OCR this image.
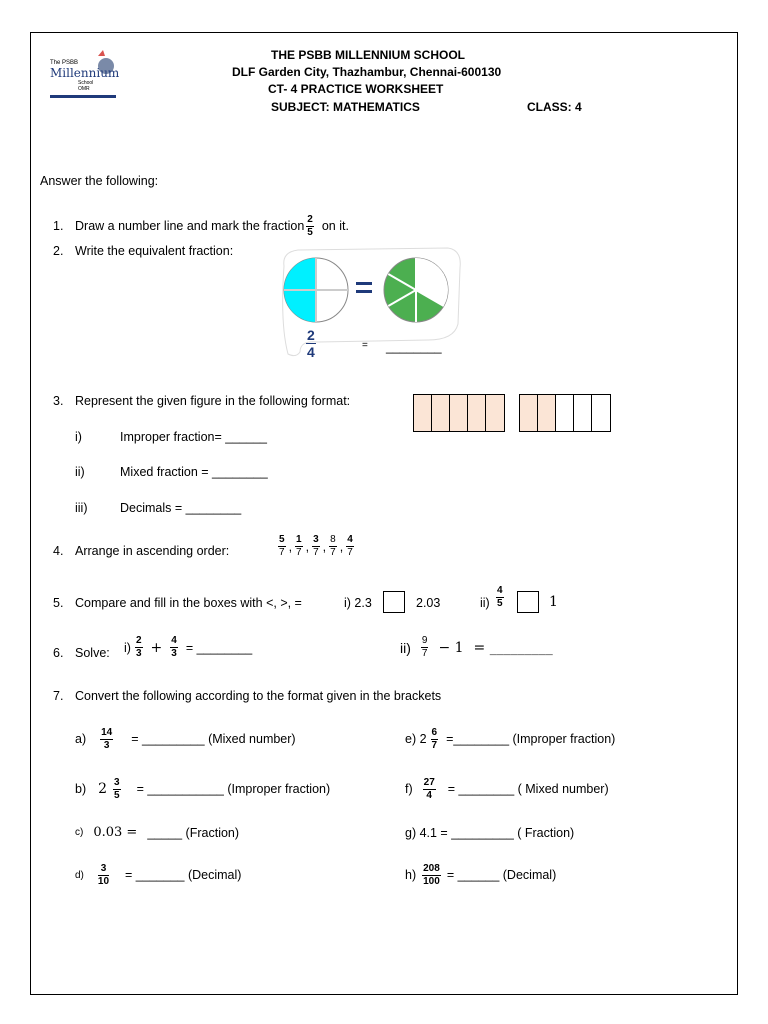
The PSBB
Millennium
School
OMR
THE PSBB MILLENNIUM SCHOOL
DLF Garden City, Thazhambur, Chennai-600130
CT- 4 PRACTICE WORKSHEET
SUBJECT: MATHEMATICS	CLASS: 4
Answer the following:
1. Draw a number line and mark the fraction $\frac{2}{5}$ on it.
2. Write the equivalent fraction:
$\frac{2}{4}$	= ________
3. Represent the given figure in the following format:
i)	Improper fraction= ______
ii)	Mixed fraction = ________
iii)	Decimals = ________
4. Arrange in ascending order:	$\frac{5}{7}$ , $\frac{1}{7}$ , $\frac{3}{7}$ , $\frac{8}{7}$ , $\frac{4}{7}$
5. Compare and fill in the boxes with <, >, =	i) 2.3	2.03	$ii) \frac{4}{5}$	1
6. Solve: $i) \frac{2}{3} + \frac{4}{3}$ = ________	$ii) \frac{9}{7} - 1$ = _________
7. Convert the following according to the format given in the brackets
$a) \frac{14}{3}$ = _________ (Mixed number)
b) $2 \frac{3}{5}$ = ___________ (Improper fraction)
c) 0.03 = _____ (Fraction)
$d) \frac{3}{10}$ = _______ (Decimal)
e) $2 \frac{6}{7}$ =________ (Improper fraction)
$f) \frac{27}{4}$ = ________ ( Mixed number)
g) 4.1 = _________ ( Fraction)
$h) \frac{208}{100}$ = ______ (Decimal)
